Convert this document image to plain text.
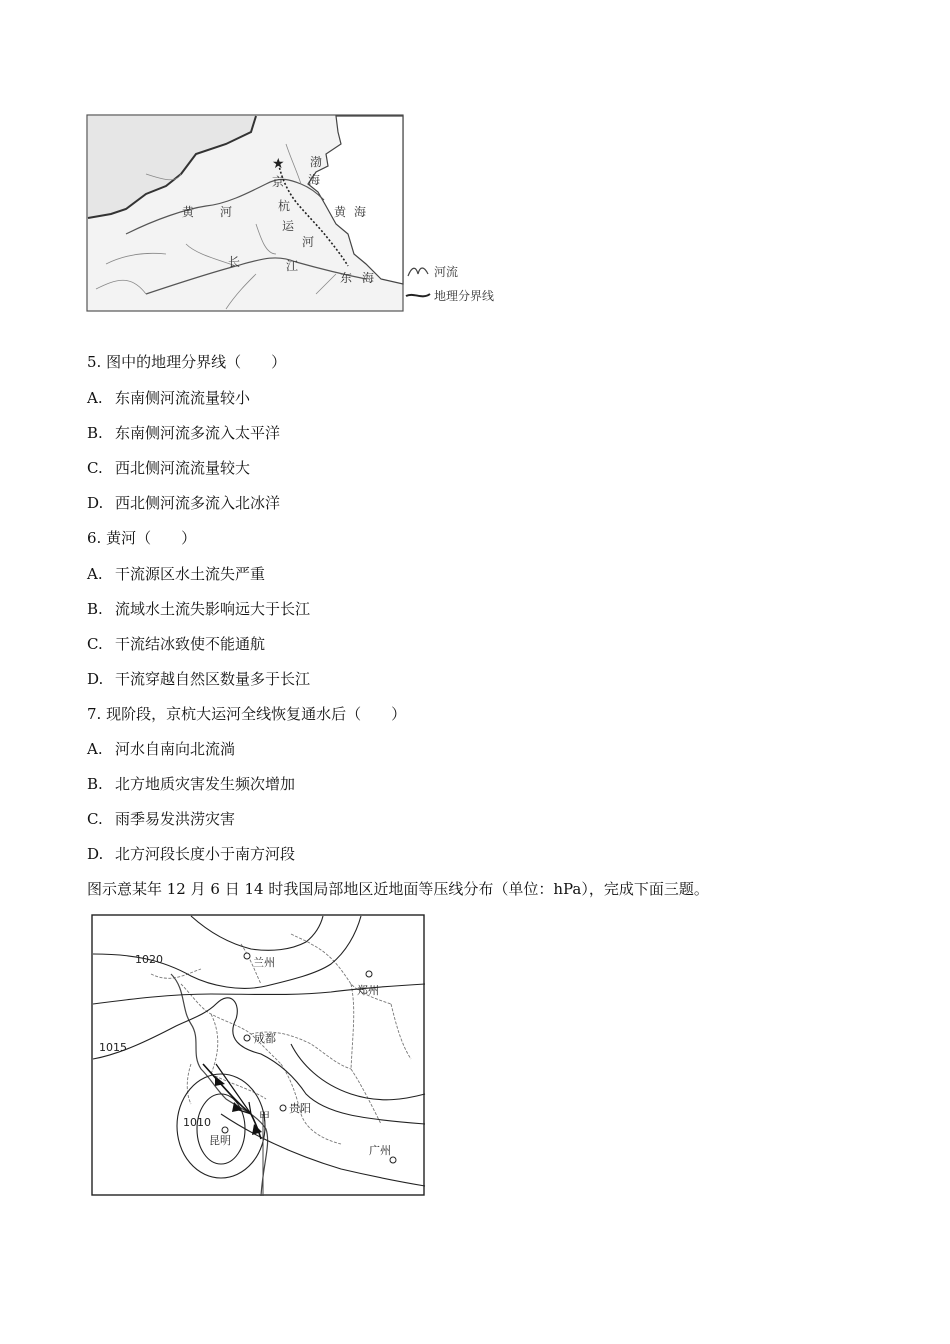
★
京
渤
海
黄 海
黄 河	杭
运
河
长	江
东 海	河流
地理分界线
5. 图中的地理分界线（　　）
A. 东南侧河流流量较小
B. 东南侧河流多流入太平洋
C. 西北侧河流流量较大
D. 西北侧河流多流入北冰洋
6. 黄河（　　）
A. 干流源区水土流失严重
B. 流域水土流失影响远大于长江
C. 干流结冰致使不能通航
D. 干流穿越自然区数量多于长江
7. 现阶段，京杭大运河全线恢复通水后（　　）
A. 河水自南向北流淌
B. 北方地质灾害发生频次增加
C. 雨季易发洪涝灾害
D. 北方河段长度小于南方河段
图示意某年 12 月 6 日 14 时我国局部地区近地面等压线分布（单位：hPa），完成下面三题。
1020
1015
1010
兰州
郑州
成都
贵阳
昆明
广州
甲
